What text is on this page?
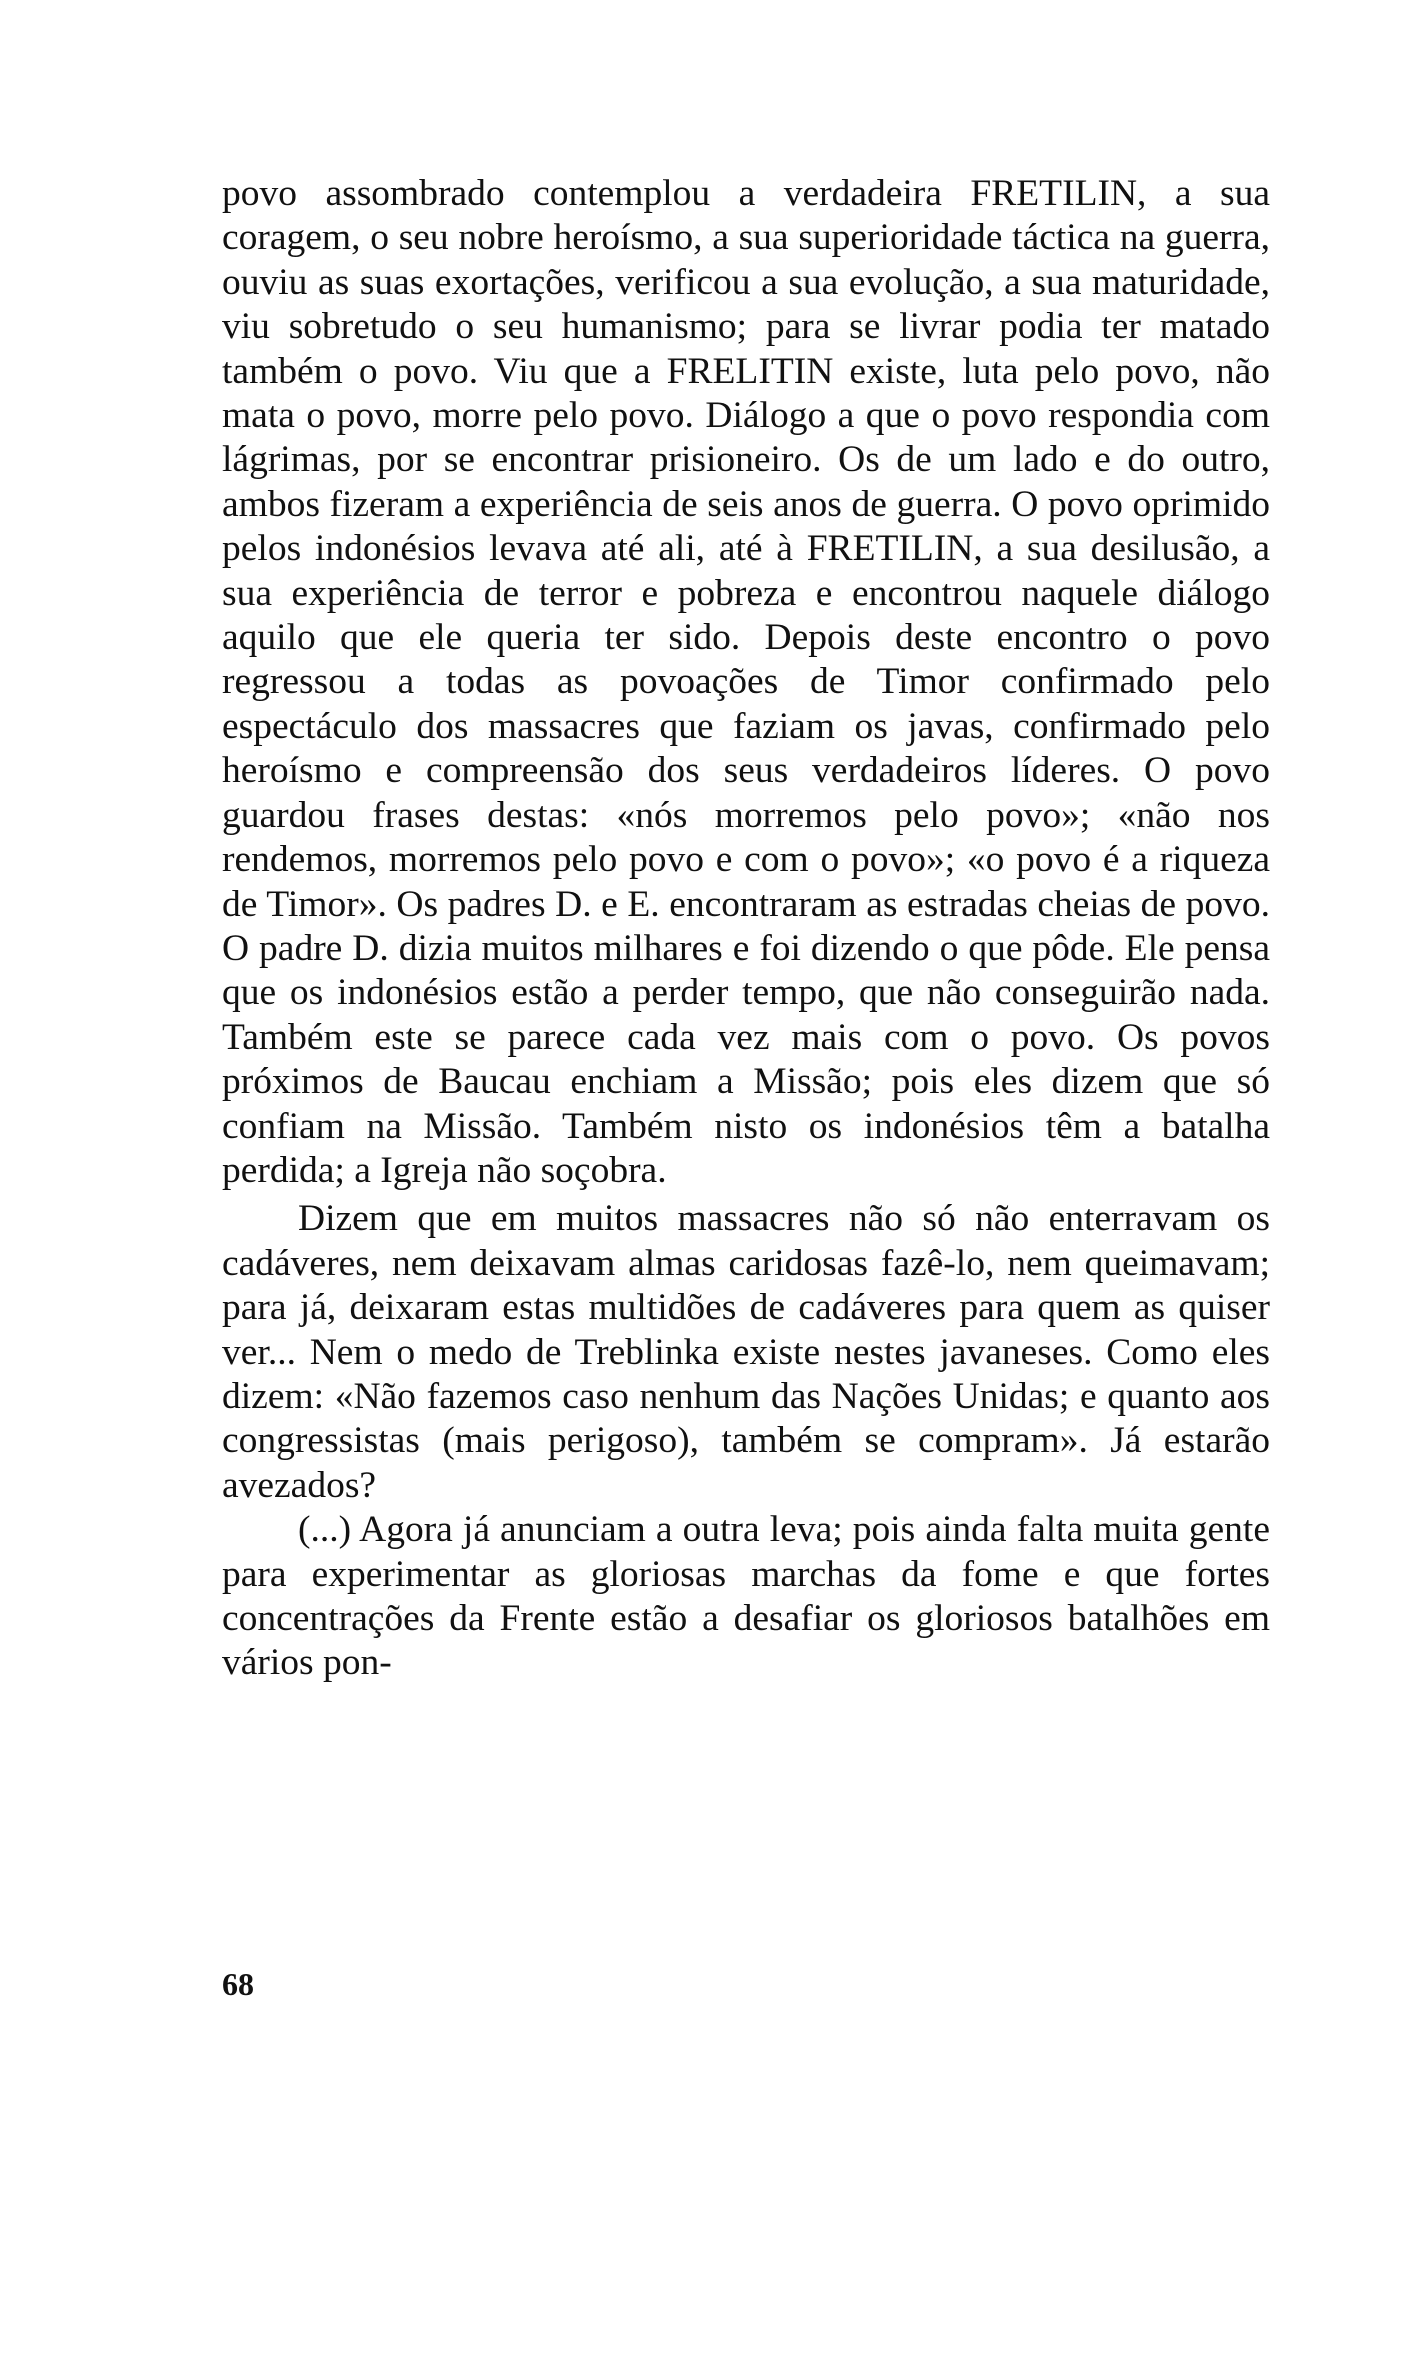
povo assombrado contemplou a verdadeira FRETILIN, a sua coragem, o seu nobre heroísmo, a sua superioridade táctica na guerra, ouviu as suas exortações, verificou a sua evolução, a sua maturidade, viu sobretudo o seu humanismo; para se livrar podia ter matado também o povo. Viu que a FRELITIN existe, luta pelo povo, não mata o povo, morre pelo povo. Diálogo a que o povo respondia com lágrimas, por se encontrar prisioneiro. Os de um lado e do outro, ambos fizeram a experiência de seis anos de guerra. O povo oprimido pelos indonésios levava até ali, até à FRETILIN, a sua desilusão, a sua experiência de terror e pobreza e encontrou naquele diálogo aquilo que ele queria ter sido. Depois deste encontro o povo regressou a todas as povoações de Timor confirmado pelo espectáculo dos massacres que faziam os javas, confirmado pelo heroísmo e compreensão dos seus verdadeiros líderes. O povo guardou frases destas: «nós morremos pelo povo»; «não nos rendemos, morremos pelo povo e com o povo»; «o povo é a riqueza de Timor». Os padres D. e E. encontraram as estradas cheias de povo. O padre D. dizia muitos milhares e foi dizendo o que pôde. Ele pensa que os indonésios estão a perder tempo, que não conseguirão nada. Também este se parece cada vez mais com o povo. Os povos próximos de Baucau enchiam a Missão; pois eles dizem que só confiam na Missão. Também nisto os indonésios têm a batalha perdida; a Igreja não soçobra.

Dizem que em muitos massacres não só não enterravam os cadáveres, nem deixavam almas caridosas fazê-lo, nem queimavam; para já, deixaram estas multidões de cadáveres para quem as quiser ver... Nem o medo de Treblinka existe nestes javaneses. Como eles dizem: «Não fazemos caso nenhum das Nações Unidas; e quanto aos congressistas (mais perigoso), também se compram». Já estarão avezados?

(...) Agora já anunciam a outra leva; pois ainda falta muita gente para experimentar as gloriosas marchas da fome e que fortes concentrações da Frente estão a desafiar os gloriosos batalhões em vários pon-

68
